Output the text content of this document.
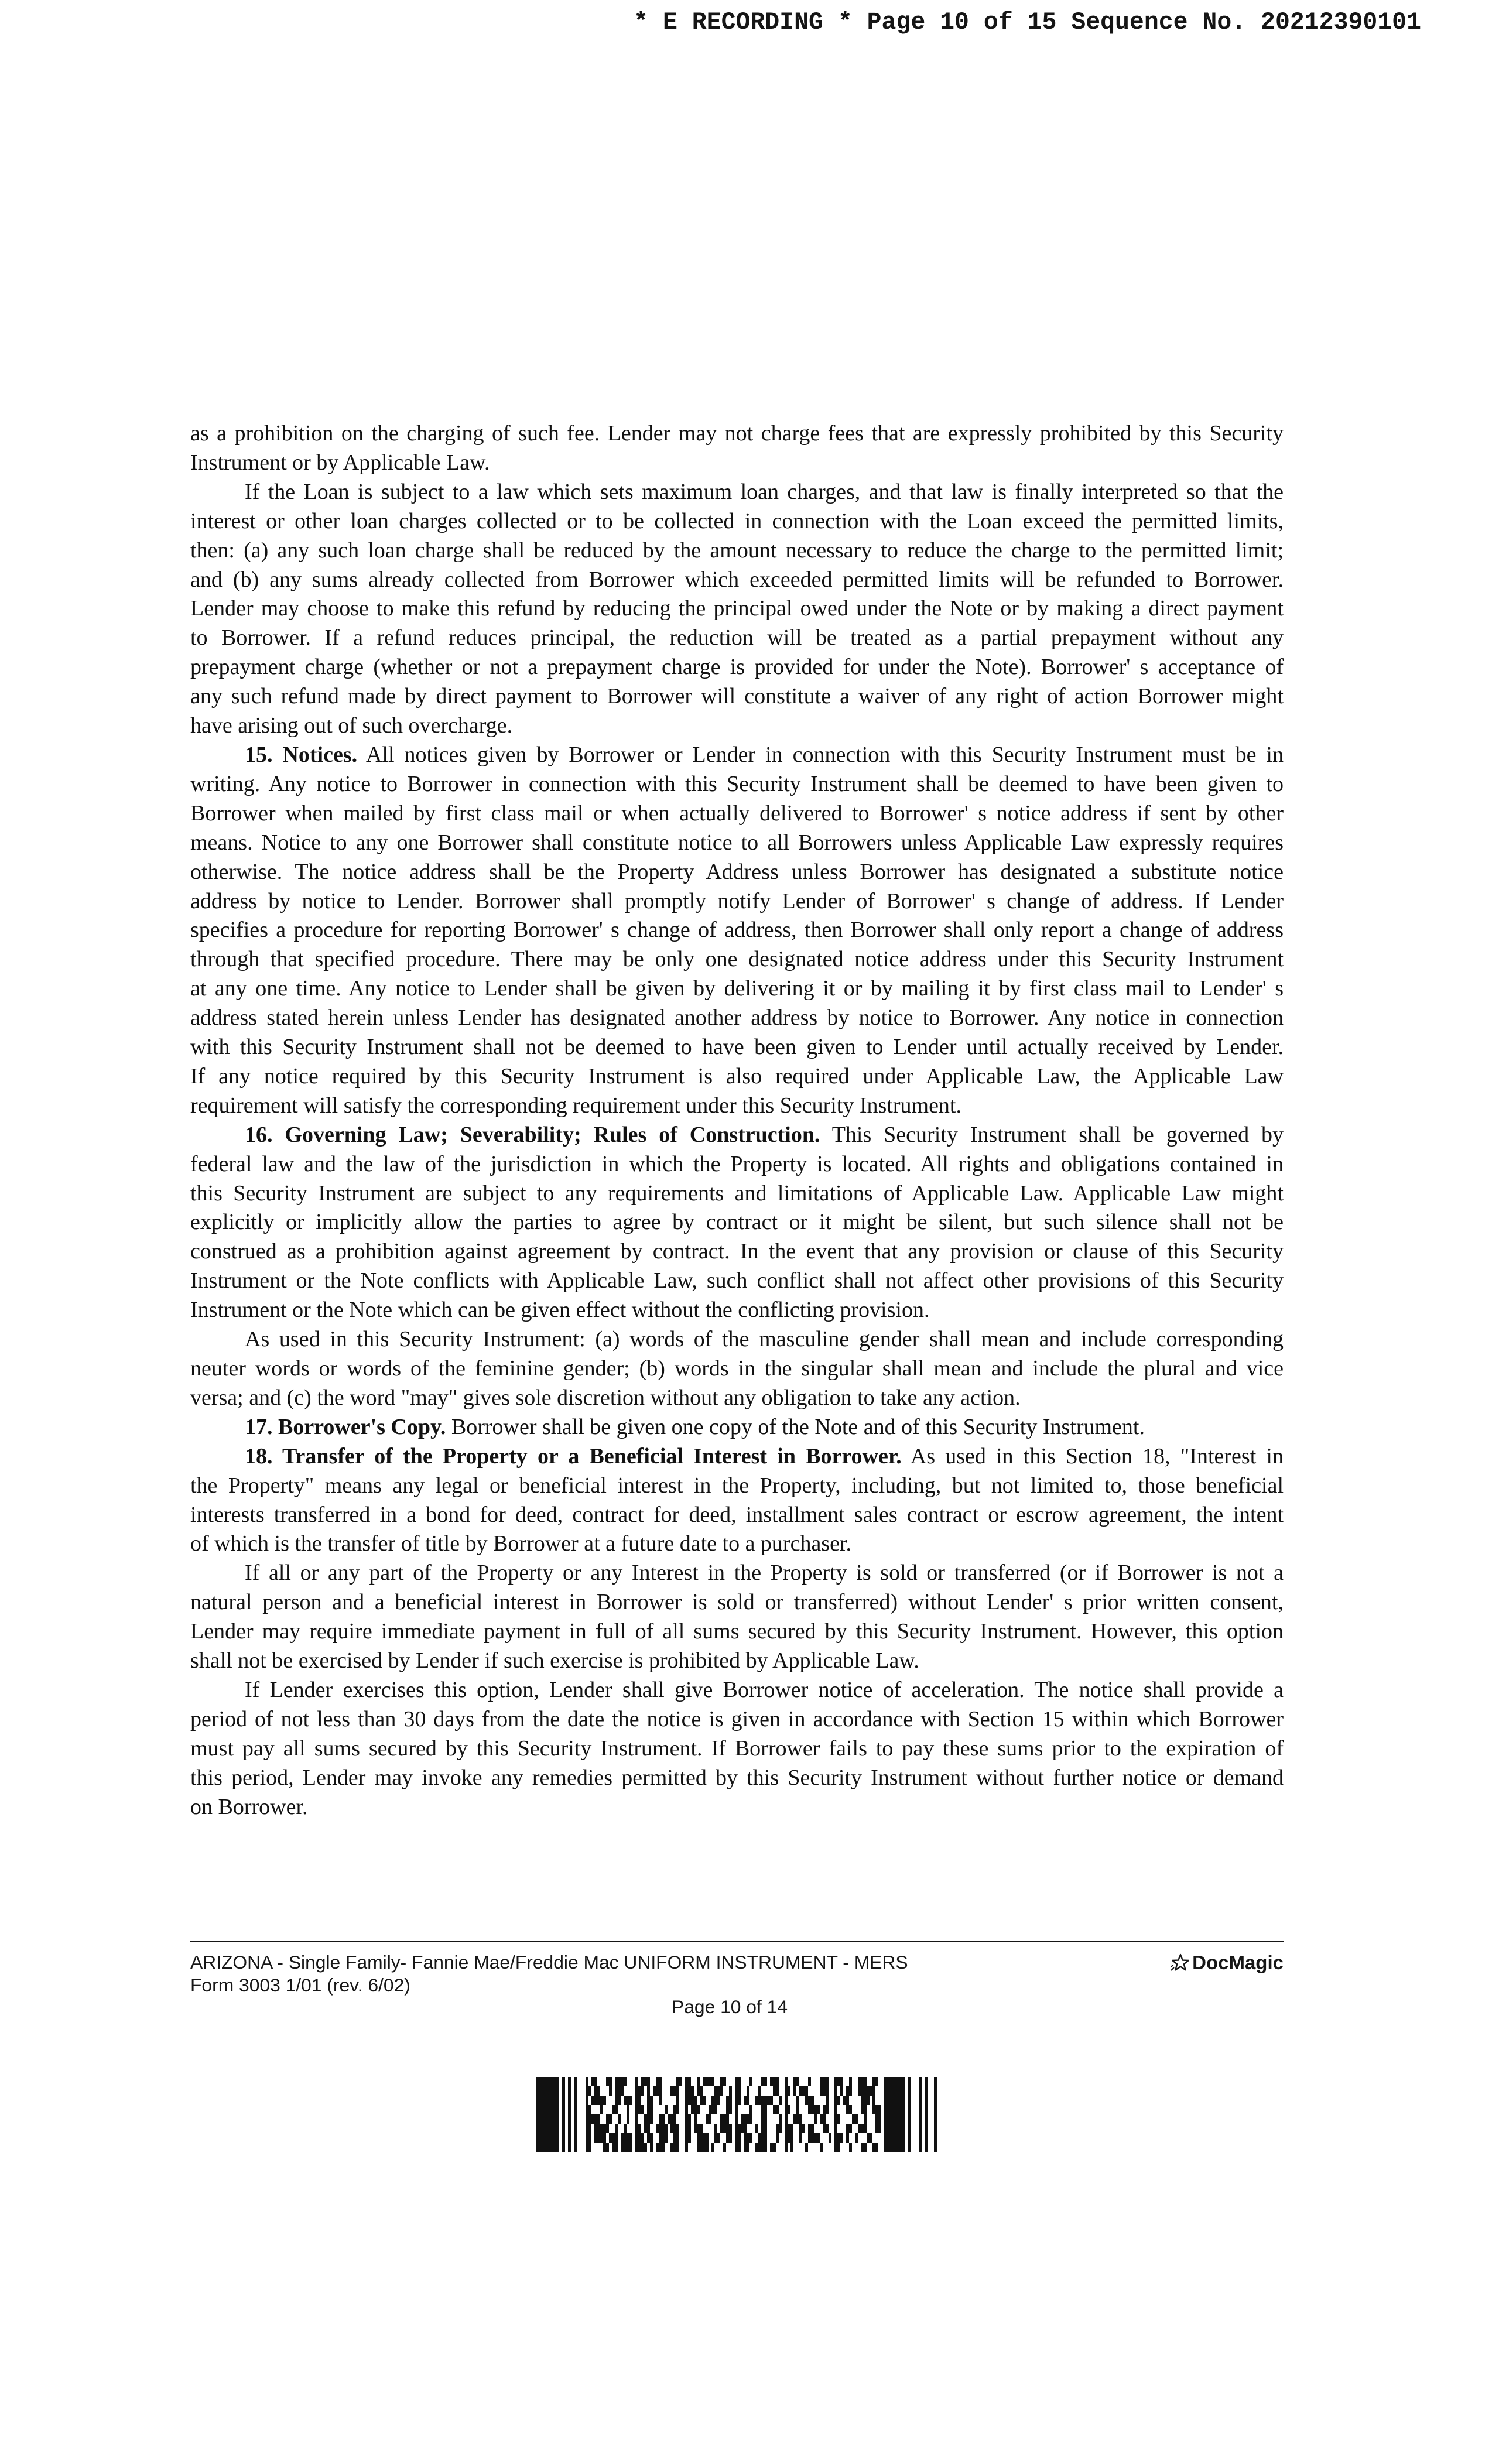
* E RECORDING * Page 10 of 15 Sequence No. 20212390101
as a prohibition on the charging of such fee. Lender may not charge fees that are expressly prohibited by this Security
Instrument or by Applicable Law.
If the Loan is subject to a law which sets maximum loan charges, and that law is finally interpreted so that the
interest or other loan charges collected or to be collected in connection with the Loan exceed the permitted limits,
then: (a) any such loan charge shall be reduced by the amount necessary to reduce the charge to the permitted limit;
and (b) any sums already collected from Borrower which exceeded permitted limits will be refunded to Borrower.
Lender may choose to make this refund by reducing the principal owed under the Note or by making a direct payment
to Borrower. If a refund reduces principal, the reduction will be treated as a partial prepayment without any
prepayment charge (whether or not a prepayment charge is provided for under the Note). Borrower' s acceptance of
any such refund made by direct payment to Borrower will constitute a waiver of any right of action Borrower might
have arising out of such overcharge.
15. Notices. All notices given by Borrower or Lender in connection with this Security Instrument must be in
writing. Any notice to Borrower in connection with this Security Instrument shall be deemed to have been given to
Borrower when mailed by first class mail or when actually delivered to Borrower' s notice address if sent by other
means. Notice to any one Borrower shall constitute notice to all Borrowers unless Applicable Law expressly requires
otherwise. The notice address shall be the Property Address unless Borrower has designated a substitute notice
address by notice to Lender. Borrower shall promptly notify Lender of Borrower' s change of address. If Lender
specifies a procedure for reporting Borrower' s change of address, then Borrower shall only report a change of address
through that specified procedure. There may be only one designated notice address under this Security Instrument
at any one time. Any notice to Lender shall be given by delivering it or by mailing it by first class mail to Lender' s
address stated herein unless Lender has designated another address by notice to Borrower. Any notice in connection
with this Security Instrument shall not be deemed to have been given to Lender until actually received by Lender.
If any notice required by this Security Instrument is also required under Applicable Law, the Applicable Law
requirement will satisfy the corresponding requirement under this Security Instrument.
16. Governing Law; Severability; Rules of Construction. This Security Instrument shall be governed by
federal law and the law of the jurisdiction in which the Property is located. All rights and obligations contained in
this Security Instrument are subject to any requirements and limitations of Applicable Law. Applicable Law might
explicitly or implicitly allow the parties to agree by contract or it might be silent, but such silence shall not be
construed as a prohibition against agreement by contract. In the event that any provision or clause of this Security
Instrument or the Note conflicts with Applicable Law, such conflict shall not affect other provisions of this Security
Instrument or the Note which can be given effect without the conflicting provision.
As used in this Security Instrument: (a) words of the masculine gender shall mean and include corresponding
neuter words or words of the feminine gender; (b) words in the singular shall mean and include the plural and vice
versa; and (c) the word "may" gives sole discretion without any obligation to take any action.
17. Borrower's Copy. Borrower shall be given one copy of the Note and of this Security Instrument.
18. Transfer of the Property or a Beneficial Interest in Borrower. As used in this Section 18, "Interest in
the Property" means any legal or beneficial interest in the Property, including, but not limited to, those beneficial
interests transferred in a bond for deed, contract for deed, installment sales contract or escrow agreement, the intent
of which is the transfer of title by Borrower at a future date to a purchaser.
If all or any part of the Property or any Interest in the Property is sold or transferred (or if Borrower is not a
natural person and a beneficial interest in Borrower is sold or transferred) without Lender' s prior written consent,
Lender may require immediate payment in full of all sums secured by this Security Instrument. However, this option
shall not be exercised by Lender if such exercise is prohibited by Applicable Law.
If Lender exercises this option, Lender shall give Borrower notice of acceleration. The notice shall provide a
period of not less than 30 days from the date the notice is given in accordance with Section 15 within which Borrower
must pay all sums secured by this Security Instrument. If Borrower fails to pay these sums prior to the expiration of
this period, Lender may invoke any remedies permitted by this Security Instrument without further notice or demand
on Borrower.
ARIZONA - Single Family- Fannie Mae/Freddie Mac UNIFORM INSTRUMENT - MERS
Form 3003 1/01 (rev. 6/02)
Page 10 of 14
DocMagic
